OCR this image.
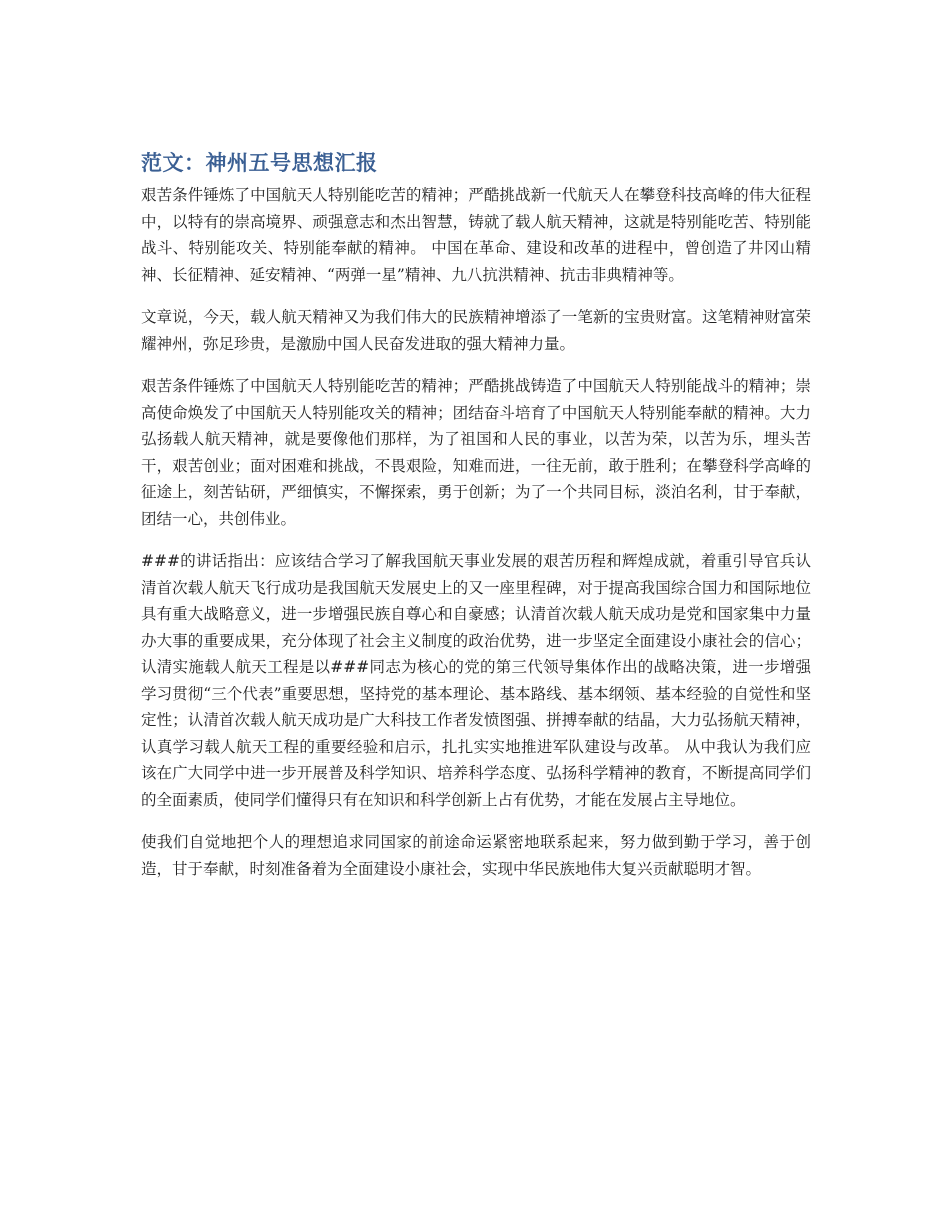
范文：神州五号思想汇报

艰苦条件锤炼了中国航天人特别能吃苦的精神；严酷挑战新一代航天人在攀登科技高峰的伟大征程中，以特有的崇高境界、顽强意志和杰出智慧，铸就了载人航天精神，这就是特别能吃苦、特别能战斗、特别能攻关、特别能奉献的精神。 中国在革命、建设和改革的进程中，曾创造了井冈山精神、长征精神、延安精神、“两弹一星”精神、九八抗洪精神、抗击非典精神等。

文章说，今天，载人航天精神又为我们伟大的民族精神增添了一笔新的宝贵财富。这笔精神财富荣耀神州，弥足珍贵，是激励中国人民奋发进取的强大精神力量。

艰苦条件锤炼了中国航天人特别能吃苦的精神；严酷挑战铸造了中国航天人特别能战斗的精神；崇高使命焕发了中国航天人特别能攻关的精神；团结奋斗培育了中国航天人特别能奉献的精神。大力弘扬载人航天精神，就是要像他们那样，为了祖国和人民的事业，以苦为荣，以苦为乐，埋头苦干，艰苦创业；面对困难和挑战，不畏艰险，知难而进，一往无前，敢于胜利；在攀登科学高峰的征途上，刻苦钻研，严细慎实，不懈探索，勇于创新；为了一个共同目标，淡泊名利，甘于奉献，团结一心，共创伟业。

###的讲话指出：应该结合学习了解我国航天事业发展的艰苦历程和辉煌成就，着重引导官兵认清首次载人航天飞行成功是我国航天发展史上的又一座里程碑，对于提高我国综合国力和国际地位具有重大战略意义，进一步增强民族自尊心和自豪感；认清首次载人航天成功是党和国家集中力量办大事的重要成果，充分体现了社会主义制度的政治优势，进一步坚定全面建设小康社会的信心；认清实施载人航天工程是以###同志为核心的党的第三代领导集体作出的战略决策，进一步增强学习贯彻“三个代表”重要思想，坚持党的基本理论、基本路线、基本纲领、基本经验的自觉性和坚定性；认清首次载人航天成功是广大科技工作者发愤图强、拼搏奉献的结晶，大力弘扬航天精神，认真学习载人航天工程的重要经验和启示，扎扎实实地推进军队建设与改革。 从中我认为我们应该在广大同学中进一步开展普及科学知识、培养科学态度、弘扬科学精神的教育，不断提高同学们的全面素质，使同学们懂得只有在知识和科学创新上占有优势，才能在发展占主导地位。

使我们自觉地把个人的理想追求同国家的前途命运紧密地联系起来，努力做到勤于学习，善于创造，甘于奉献，时刻准备着为全面建设小康社会，实现中华民族地伟大复兴贡献聪明才智。
